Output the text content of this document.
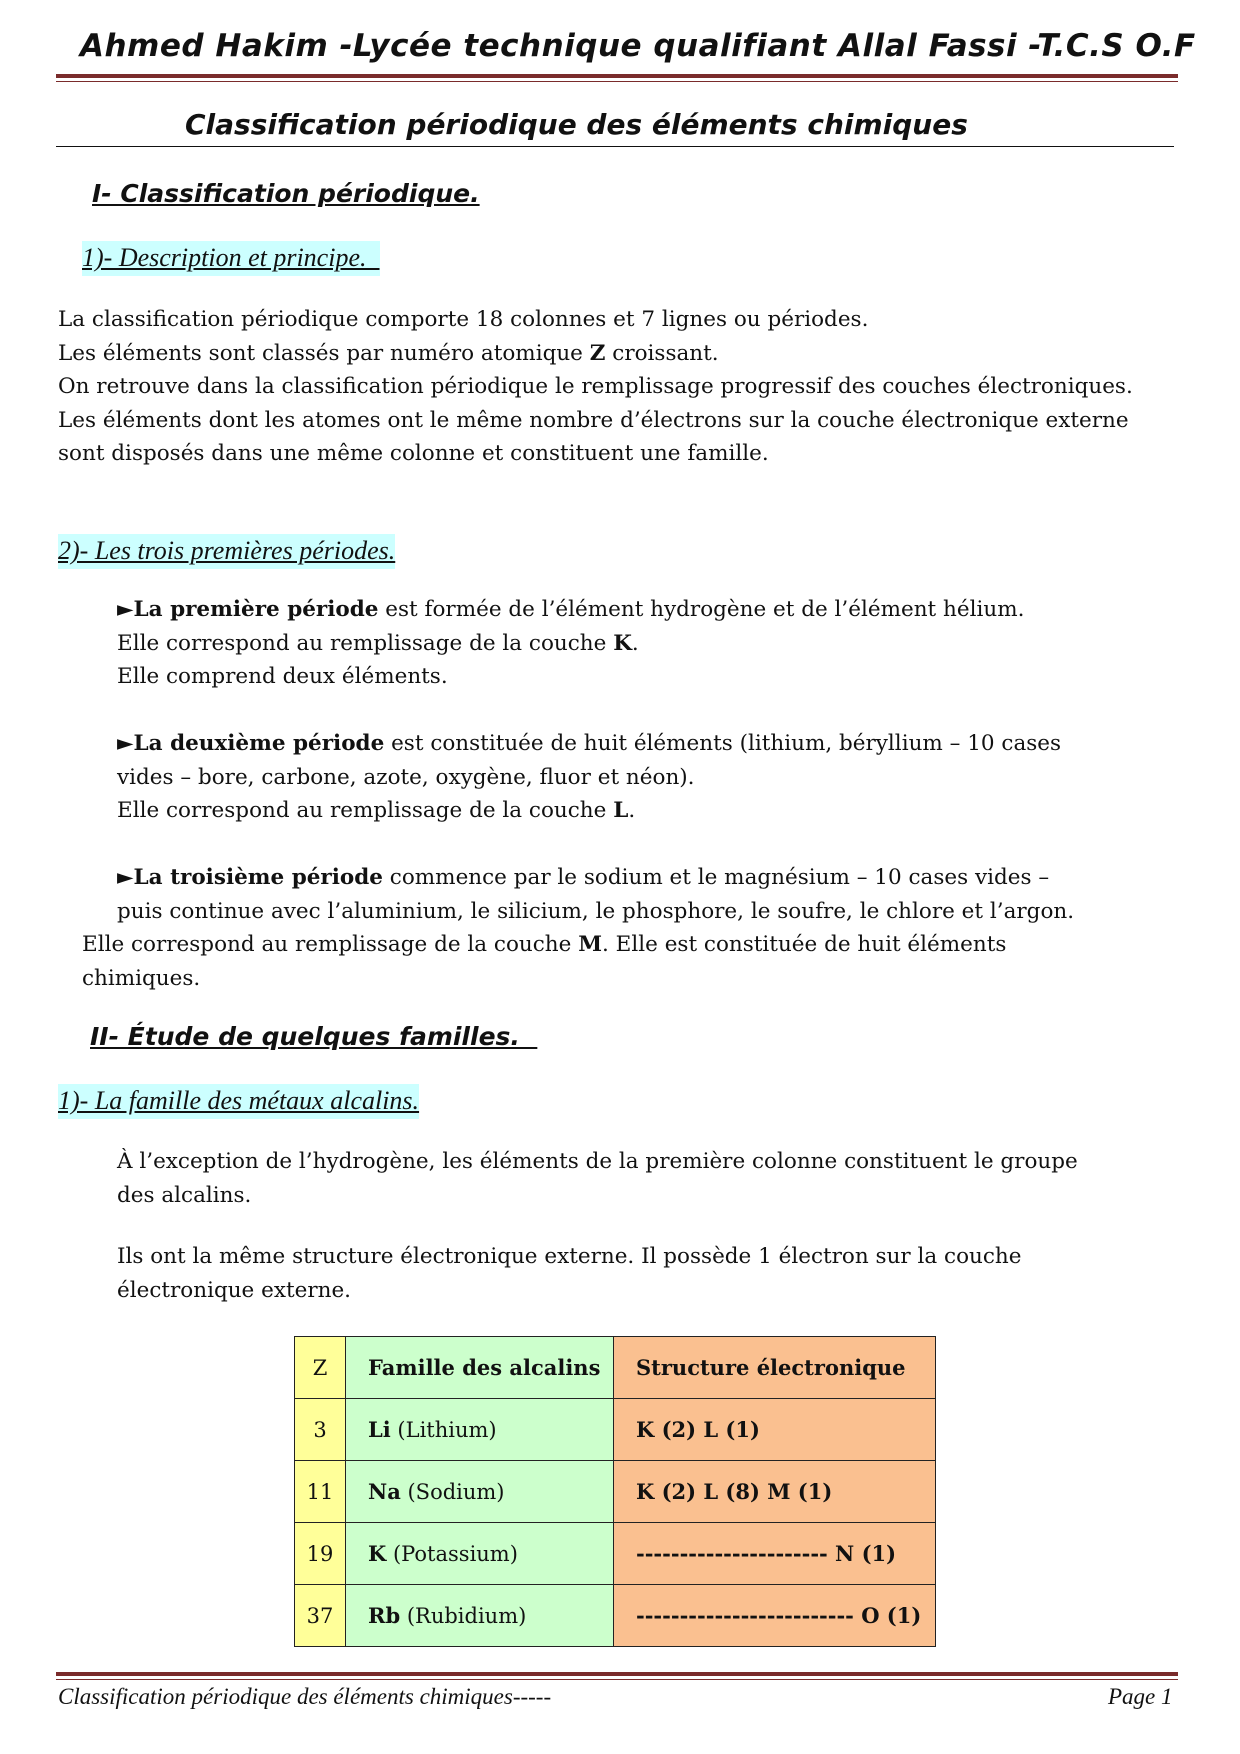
Ahmed Hakim -Lycée technique qualifiant Allal Fassi -T.C.S O.F
Classification périodique des éléments chimiques
I- Classification périodique.
1)- Description et principe.
La classification périodique comporte 18 colonnes et 7 lignes ou périodes.
Les éléments sont classés par numéro atomique Z croissant.
On retrouve dans la classification périodique le remplissage progressif des couches électroniques.
Les éléments dont les atomes ont le même nombre d’électrons sur la couche électronique externe
sont disposés dans une même colonne et constituent une famille.
2)- Les trois premières périodes.
►La première période est formée de l’élément hydrogène et de l’élément hélium.
Elle correspond au remplissage de la couche K.
Elle comprend deux éléments.
►La deuxième période est constituée de huit éléments (lithium, béryllium – 10 cases
vides – bore, carbone, azote, oxygène, fluor et néon).
Elle correspond au remplissage de la couche L.
►La troisième période commence par le sodium et le magnésium – 10 cases vides –
puis continue avec l’aluminium, le silicium, le phosphore, le soufre, le chlore et l’argon.
Elle correspond au remplissage de la couche M. Elle est constituée de huit éléments
chimiques.
II- Étude de quelques familles.
1)- La famille des métaux alcalins.
À l’exception de l’hydrogène, les éléments de la première colonne constituent le groupe
des alcalins.
Ils ont la même structure électronique externe. Il possède 1 électron sur la couche
électronique externe.
Z	Famille des alcalins	Structure électronique
3	Li (Lithium)	K (2) L (1)
11	Na (Sodium)	K (2) L (8) M (1)
19	K (Potassium)	---------------------- N (1)
37	Rb (Rubidium)	------------------------- O (1)
Classification périodique des éléments chimiques-----	Page 1
